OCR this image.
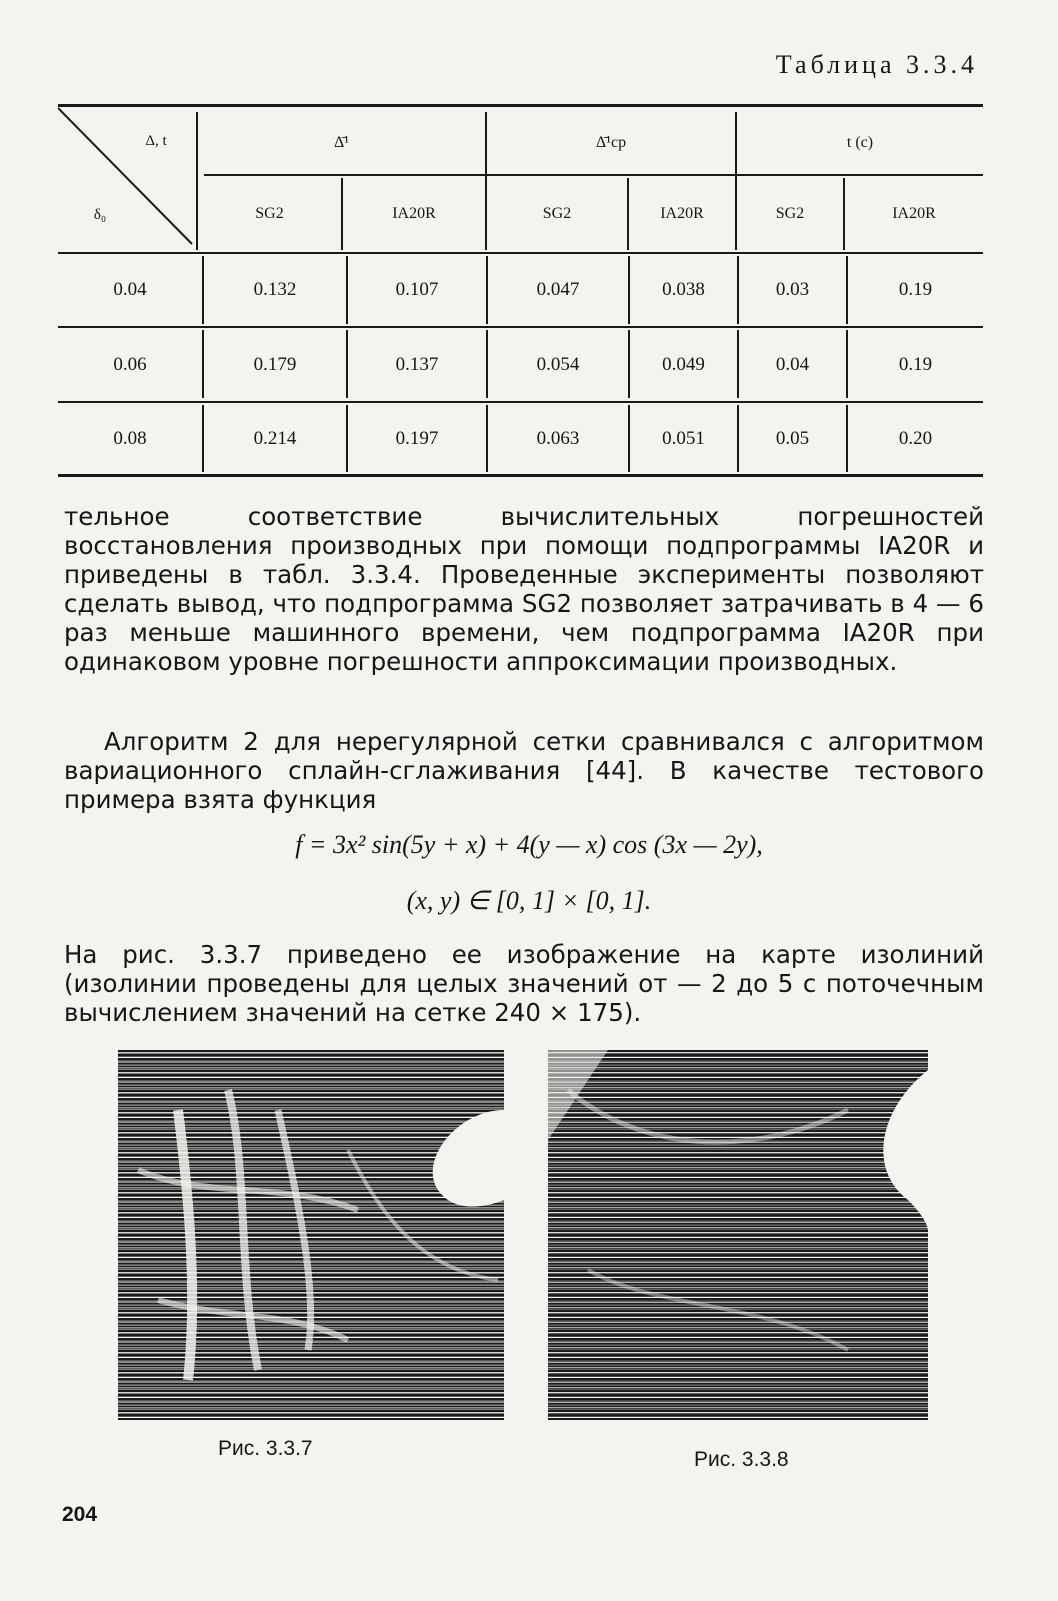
Таблица 3.3.4
Δ, t
δ₀
Δ̄¹	Δ̄¹ср	t (c)
SG2	IA20R	SG2	IA20R	SG2	IA20R
0.04	0.132	0.107	0.047	0.038	0.03	0.19
0.06	0.179	0.137	0.054	0.049	0.04	0.19
0.08	0.214	0.197	0.063	0.051	0.05	0.20

тельное соответствие вычислительных погрешностей восстановления производных при помощи подпрограммы IA20R и приведены в табл. 3.3.4. Проведенные эксперименты позволяют сделать вывод, что подпрограмма SG2 позволяет затрачивать в 4 — 6 раз меньше машинного времени, чем подпрограмма IA20R при одинаковом уровне погрешности аппроксимации производных.

Алгоритм 2 для нерегулярной сетки сравнивался с алгоритмом вариационного сплайн-сглаживания [44]. В качестве тестового примера взята функция

f = 3x² sin(5y + x) + 4(y — x) cos (3x — 2y),
(x, y) ∈ [0, 1] × [0, 1].

На рис. 3.3.7 приведено ее изображение на карте изолиний (изолинии проведены для целых значений от — 2 до 5 с поточечным вычислением значений на сетке 240 × 175).

Рис. 3.3.7	Рис. 3.3.8
204
